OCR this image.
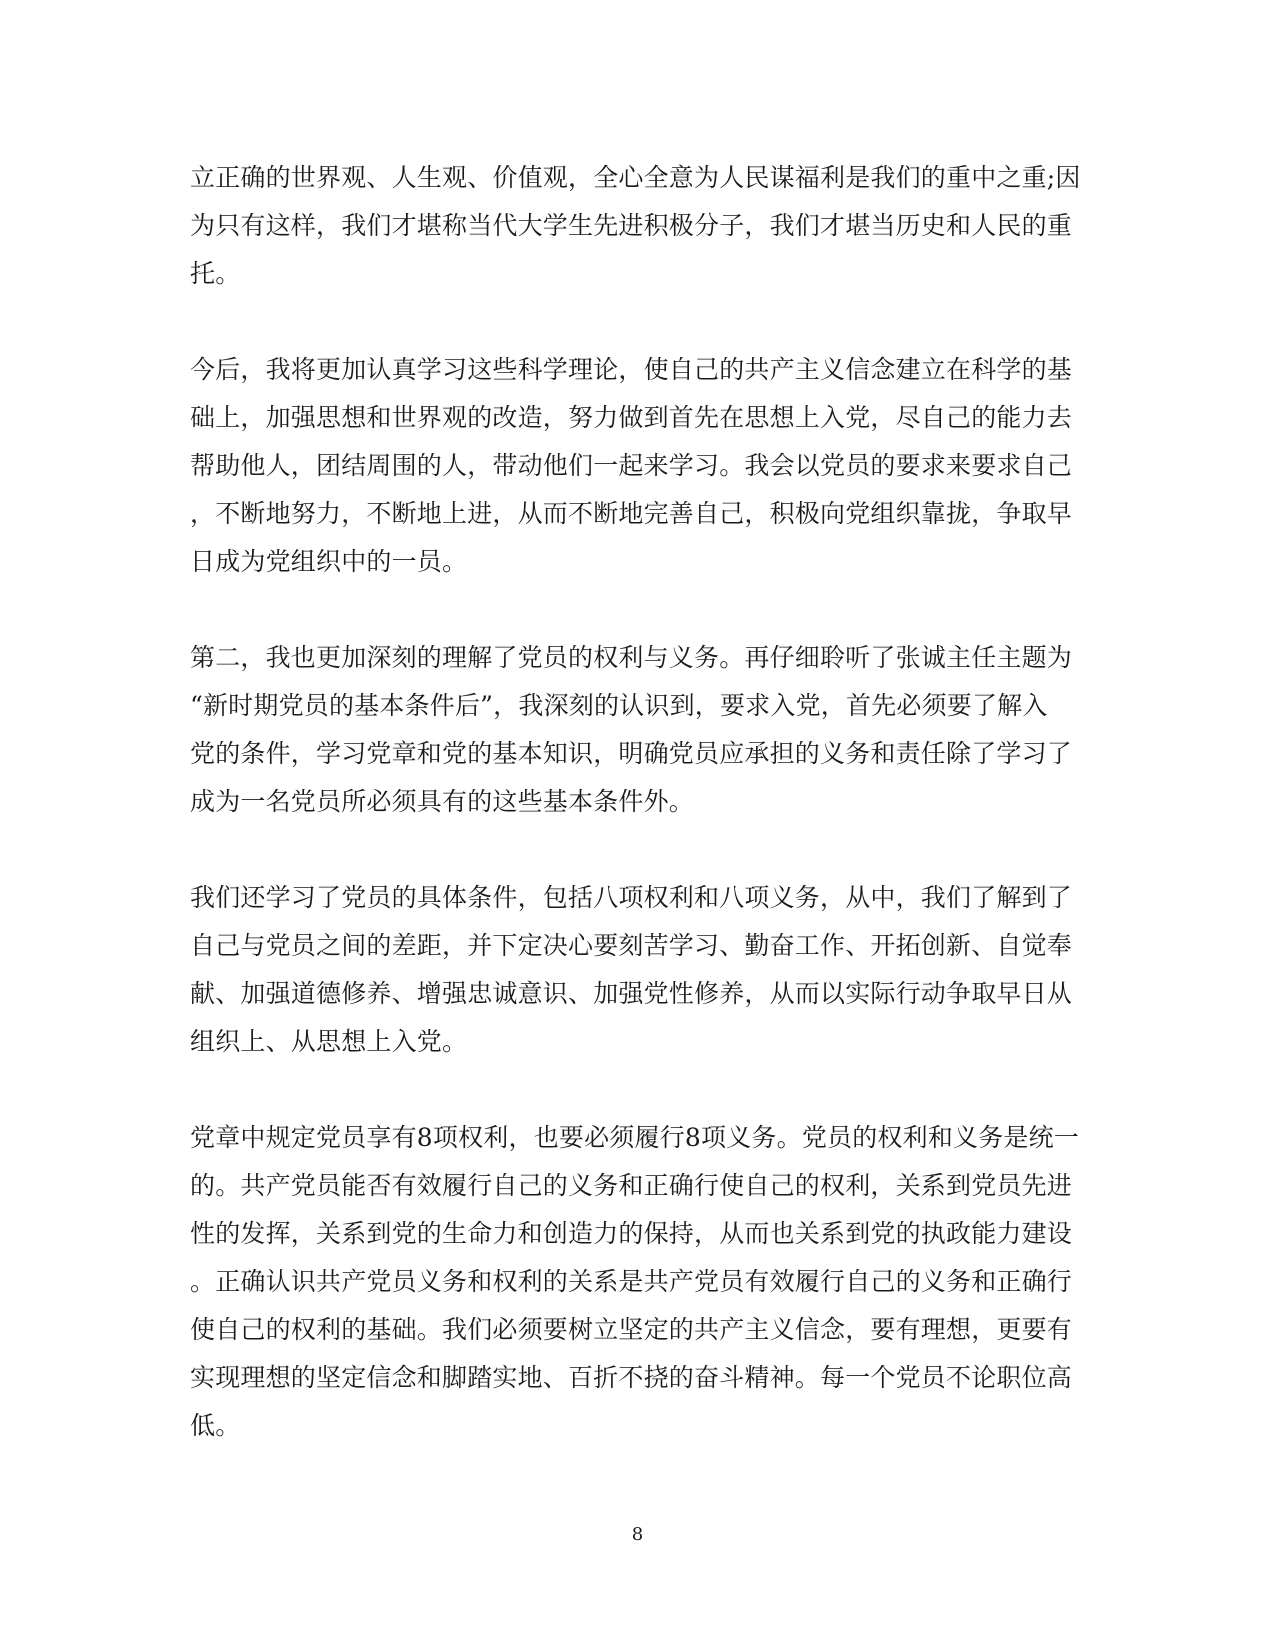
立正确的世界观、人生观、价值观，全心全意为人民谋福利是我们的重中之重;因
为只有这样，我们才堪称当代大学生先进积极分子，我们才堪当历史和人民的重
托。
今后，我将更加认真学习这些科学理论，使自己的共产主义信念建立在科学的基
础上，加强思想和世界观的改造，努力做到首先在思想上入党，尽自己的能力去
帮助他人，团结周围的人，带动他们一起来学习。我会以党员的要求来要求自己
，不断地努力，不断地上进，从而不断地完善自己，积极向党组织靠拢，争取早
日成为党组织中的一员。
第二，我也更加深刻的理解了党员的权利与义务。再仔细聆听了张诚主任主题为
“新时期党员的基本条件后”，我深刻的认识到，要求入党，首先必须要了解入
党的条件，学习党章和党的基本知识，明确党员应承担的义务和责任除了学习了
成为一名党员所必须具有的这些基本条件外。
我们还学习了党员的具体条件，包括八项权利和八项义务，从中，我们了解到了
自己与党员之间的差距，并下定决心要刻苦学习、勤奋工作、开拓创新、自觉奉
献、加强道德修养、增强忠诚意识、加强党性修养，从而以实际行动争取早日从
组织上、从思想上入党。
党章中规定党员享有8项权利，也要必须履行8项义务。党员的权利和义务是统一
的。共产党员能否有效履行自己的义务和正确行使自己的权利，关系到党员先进
性的发挥，关系到党的生命力和创造力的保持，从而也关系到党的执政能力建设
。正确认识共产党员义务和权利的关系是共产党员有效履行自己的义务和正确行
使自己的权利的基础。我们必须要树立坚定的共产主义信念，要有理想，更要有
实现理想的坚定信念和脚踏实地、百折不挠的奋斗精神。每一个党员不论职位高
低。
8
